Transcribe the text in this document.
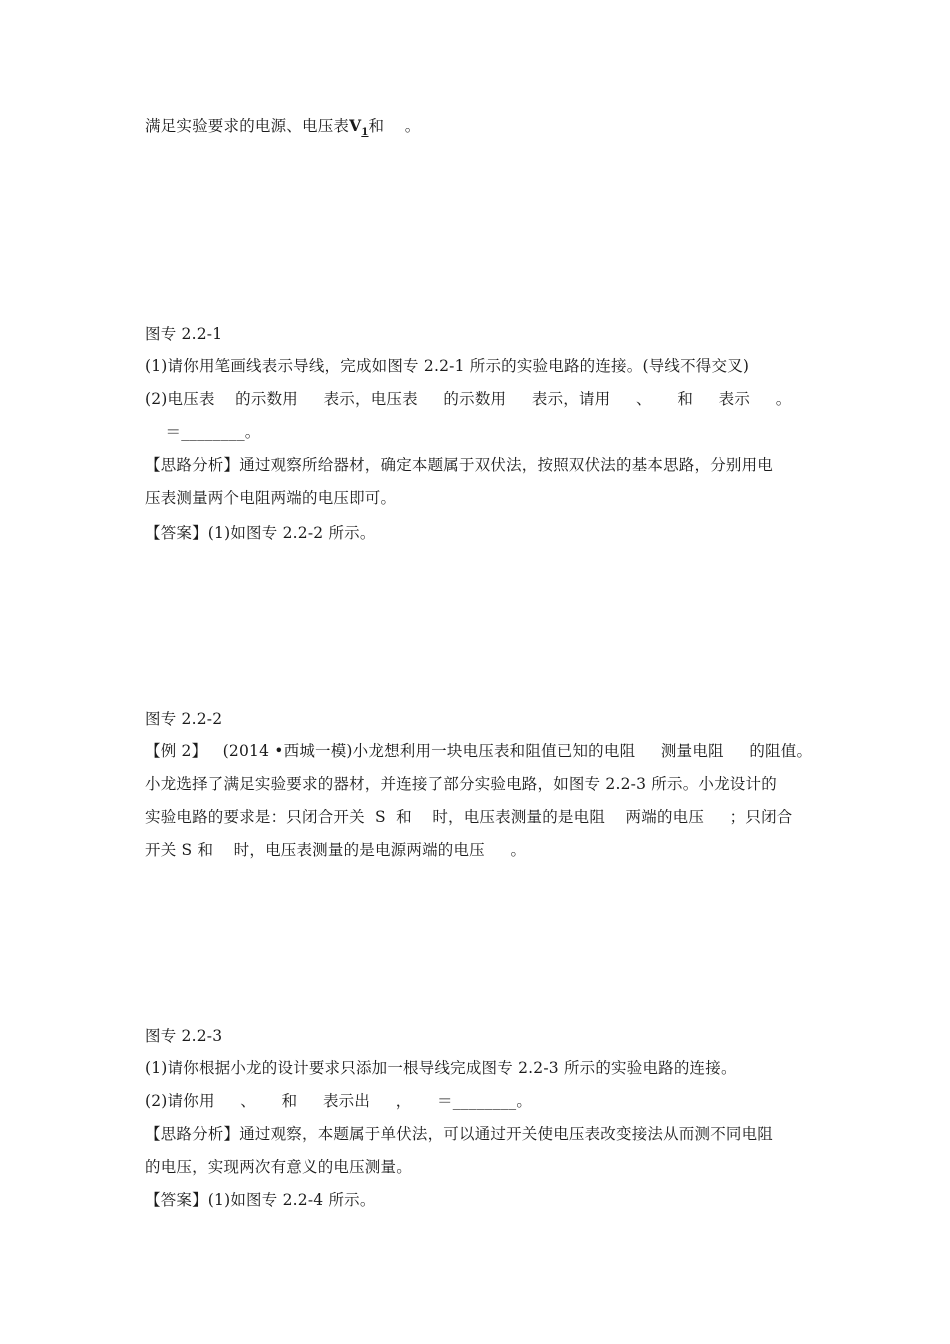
满足实验要求的电源、电压表$V_1$和    。
图专 2.2-1
(1)请你用笔画线表示导线，完成如图专 2.2-1 所示的实验电路的连接。(导线不得交叉)
(2)电压表    的示数用     表示，电压表     的示数用     表示，请用     、     和     表示     。
＝________。
【思路分析】通过观察所给器材，确定本题属于双伏法，按照双伏法的基本思路，分别用电
压表测量两个电阻两端的电压即可。
【答案】(1)如图专 2.2-2 所示。
图专 2.2-2
【例 2】   (2014 •西城一模)小龙想利用一块电压表和阻值已知的电阻     测量电阻     的阻值。
小龙选择了满足实验要求的器材，并连接了部分实验电路，如图专 2.2-3 所示。小龙设计的
实验电路的要求是：只闭合开关  S  和    时，电压表测量的是电阻    两端的电压     ；只闭合
开关 S 和    时，电压表测量的是电源两端的电压     。
图专 2.2-3
(1)请你根据小龙的设计要求只添加一根导线完成图专 2.2-3 所示的实验电路的连接。
(2)请你用     、     和     表示出     ，     ＝________。
【思路分析】通过观察，本题属于单伏法，可以通过开关使电压表改变接法从而测不同电阻
的电压，实现两次有意义的电压测量。
【答案】(1)如图专 2.2-4 所示。
